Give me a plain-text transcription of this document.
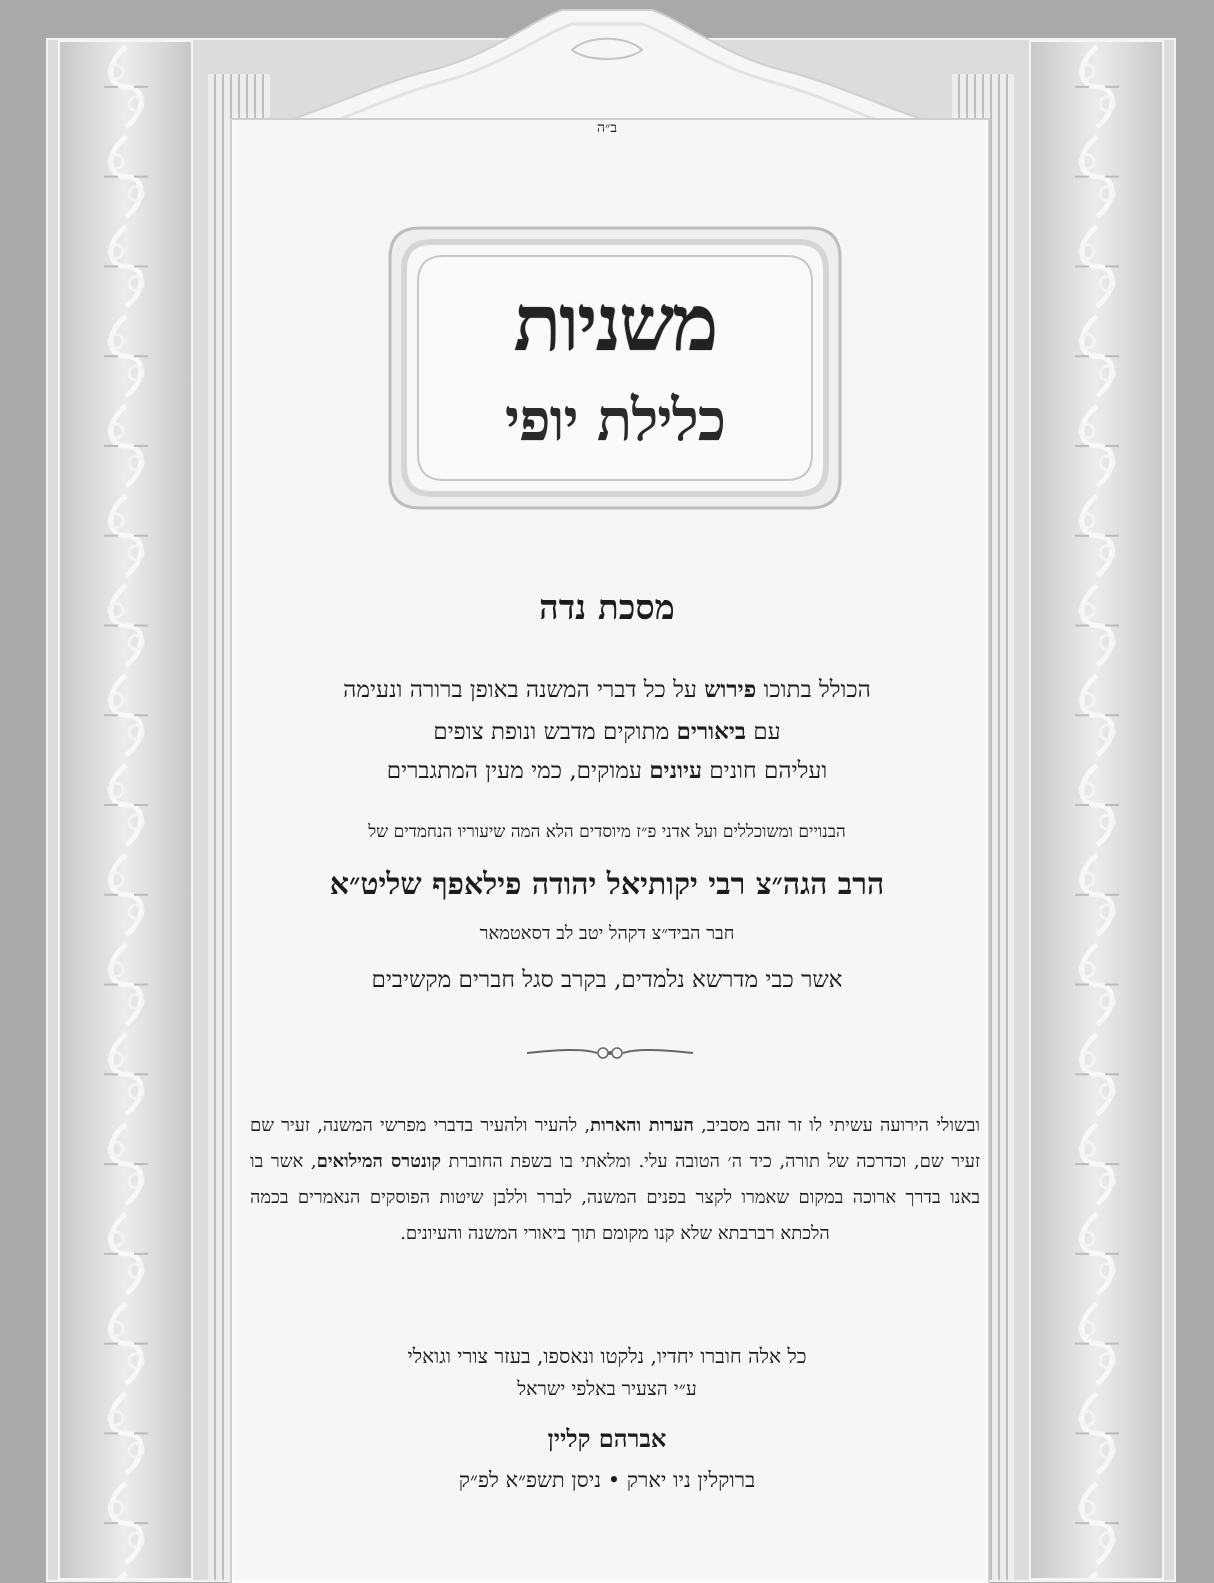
ב״ה
משניות
כלילת יופי
מסכת נדה
הכולל בתוכו פירוש על כל דברי המשנה באופן ברורה ונעימה
עם ביאורים מתוקים מדבש ונופת צופים
ועליהם חונים עיונים עמוקים, כמי מעין המתגברים
הבנויים ומשוכללים ועל אדני פ״ז מיוסדים הלא המה שיעוריו הנחמדים של
הרב הגה״צ רבי יקותיאל יהודה פילאפף שליט״א
חבר הביד״צ דקהל יטב לב דסאטמאר
אשר כבי מדרשא נלמדים, בקרב סגל חברים מקשיבים
ובשולי הירועה עשיתי לו זר זהב מסביב, הערות והארות, להעיר ולהעיר בדברי מפרשי המשנה, זעיר שם זעיר שם, וכדרכה של תורה, כיד ה׳ הטובה עלי. ומלאתי בו בשפת החוברת קונטרס המילואים, אשר בו באנו בדרך ארוכה במקום שאמרו לקצר בפנים המשנה, לברר וללבן שיטות הפוסקים הנאמרים בכמה הלכתא רברבתא שלא קנו מקומם תוך ביאורי המשנה והעיונים.
כל אלה חוברו יחדיו, נלקטו ונאספו, בעזר צורי וגואלי
ע״י הצעיר באלפי ישראל
אברהם קליין
ברוקלין ניו יארק • ניסן תשפ״א לפ״ק
